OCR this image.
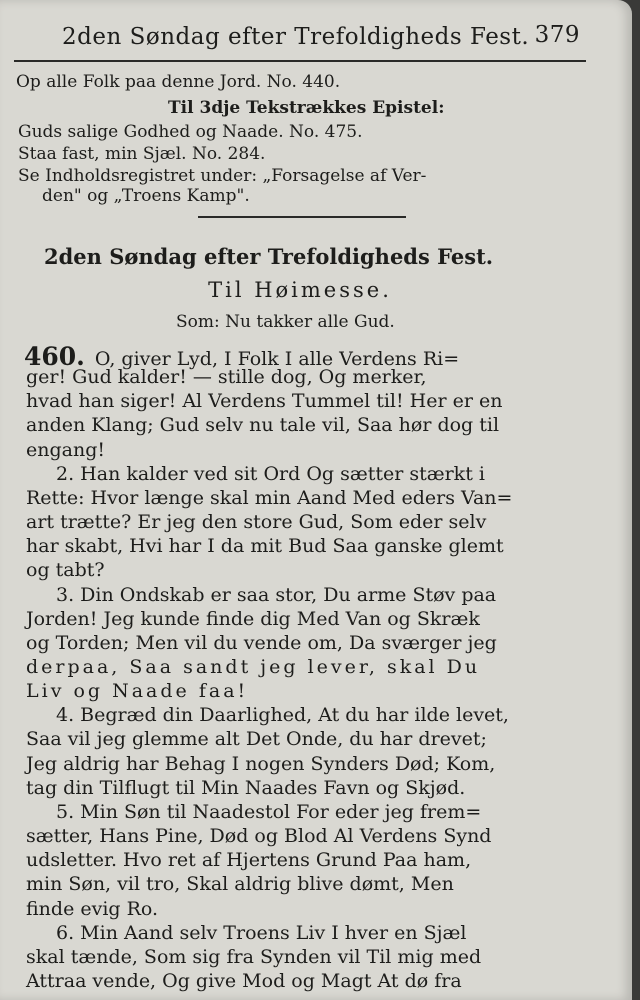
2den Søndag efter Trefoldigheds Fest. 379
Op alle Folk paa denne Jord. No. 440.
Til 3dje Tekstrækkes Epistel:
Guds salige Godhed og Naade. No. 475.
Staa fast, min Sjæl. No. 284.
Se Indholdsregistret under: „Forsagelse af Ver-
den" og „Troens Kamp".
2den Søndag efter Trefoldigheds Fest.
Til Høimesse.
Som: Nu takker alle Gud.
460. O, giver Lyd, I Folk I alle Verdens Ri=
ger! Gud kalder! — stille dog, Og merker,
hvad han siger! Al Verdens Tummel til! Her er en
anden Klang; Gud selv nu tale vil, Saa hør dog til
engang!
2. Han kalder ved sit Ord Og sætter stærkt i
Rette: Hvor længe skal min Aand Med eders Van=
art trætte? Er jeg den store Gud, Som eder selv
har skabt, Hvi har I da mit Bud Saa ganske glemt
og tabt?
3. Din Ondskab er saa stor, Du arme Støv paa
Jorden! Jeg kunde finde dig Med Van og Skræk
og Torden; Men vil du vende om, Da sværger jeg
derpaa, Saa sandt jeg lever, skal Du
Liv og Naade faa!
4. Begræd din Daarlighed, At du har ilde levet,
Saa vil jeg glemme alt Det Onde, du har drevet;
Jeg aldrig har Behag I nogen Synders Død; Kom,
tag din Tilflugt til Min Naades Favn og Skjød.
5. Min Søn til Naadestol For eder jeg frem=
sætter, Hans Pine, Død og Blod Al Verdens Synd
udsletter. Hvo ret af Hjertens Grund Paa ham,
min Søn, vil tro, Skal aldrig blive dømt, Men
finde evig Ro.
6. Min Aand selv Troens Liv I hver en Sjæl
skal tænde, Som sig fra Synden vil Til mig med
Attraa vende, Og give Mod og Magt At dø fra
